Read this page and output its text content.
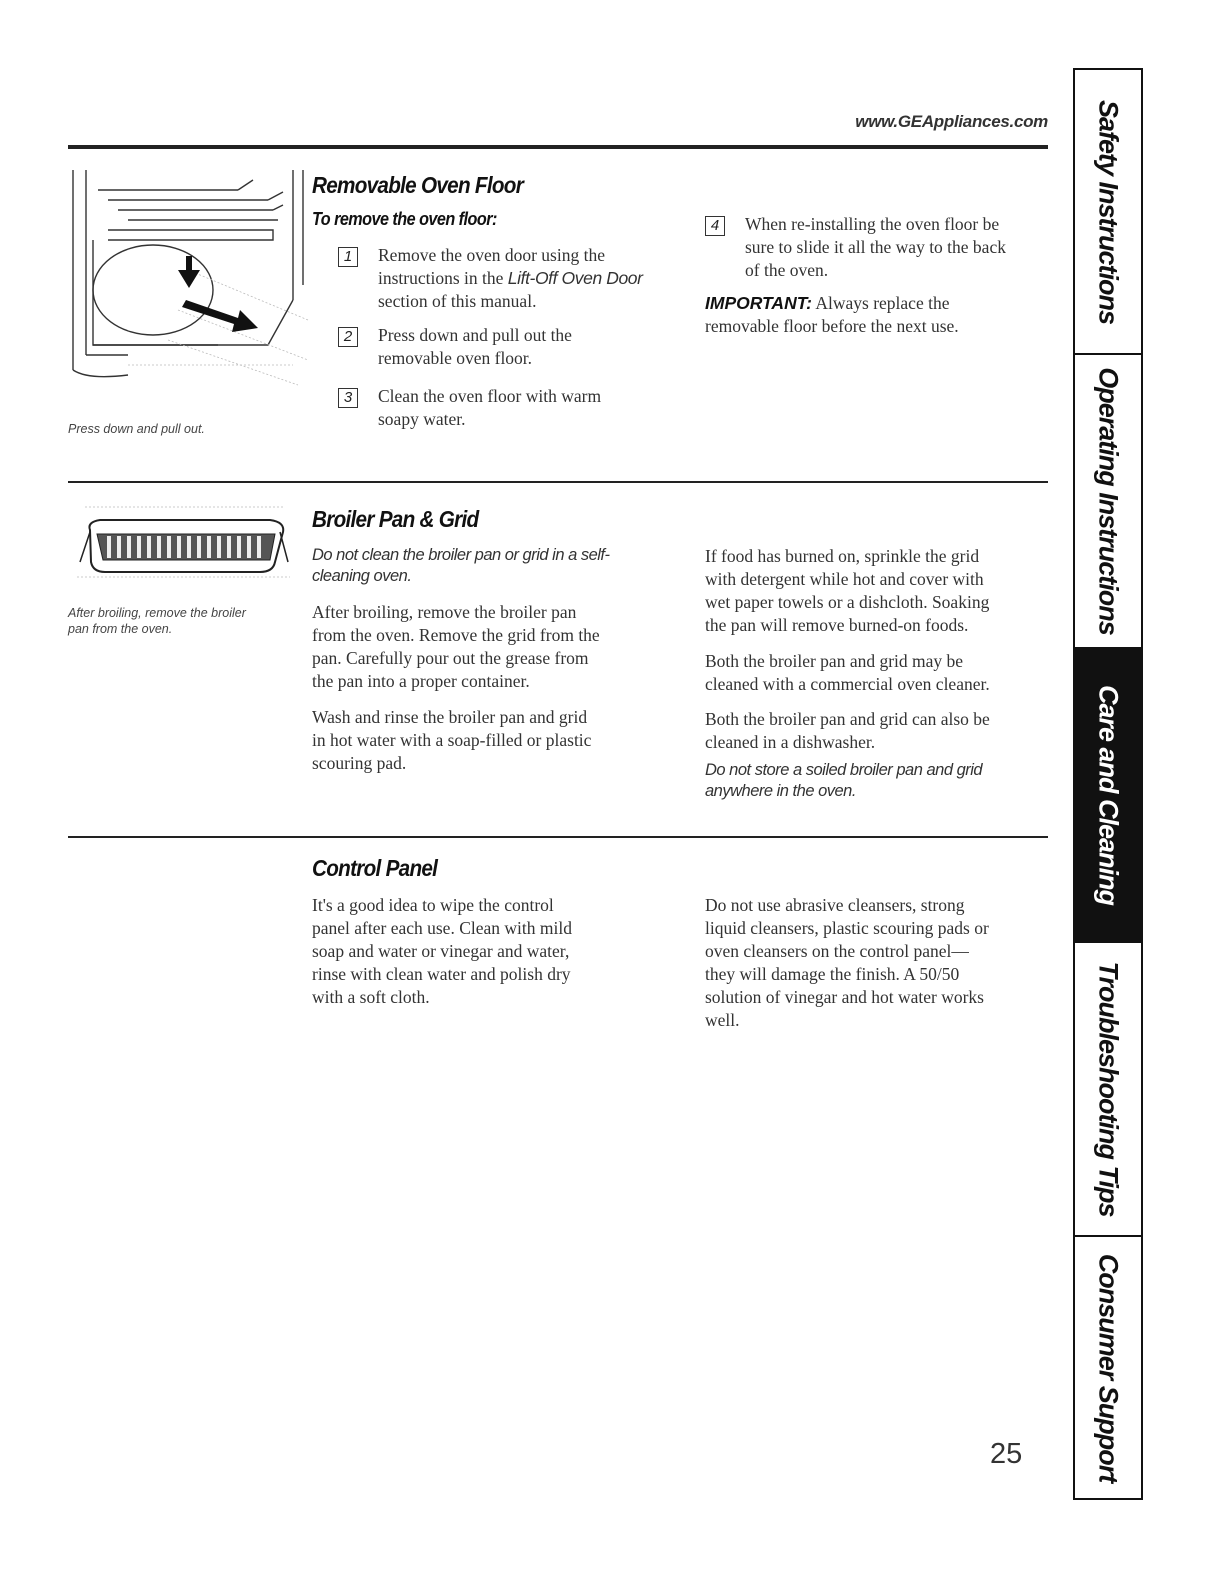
www.GEAppliances.com
Press down and pull out.
Removable Oven Floor
To remove the oven floor:
1	Remove the oven door using the
instructions in the Lift-Off Oven Door
section of this manual.
2	Press down and pull out the
removable oven floor.
3	Clean the oven floor with warm
soapy water.
4	When re-installing the oven floor be
sure to slide it all the way to the back
of the oven.
IMPORTANT: Always replace the
removable floor before the next use.
After broiling, remove the broiler
pan from the oven.
Broiler Pan & Grid
Do not clean the broiler pan or grid in a self-
cleaning oven.
After broiling, remove the broiler pan
from the oven. Remove the grid from the
pan. Carefully pour out the grease from
the pan into a proper container.
Wash and rinse the broiler pan and grid
in hot water with a soap-filled or plastic
scouring pad.
If food has burned on, sprinkle the grid
with detergent while hot and cover with
wet paper towels or a dishcloth. Soaking
the pan will remove burned-on foods.
Both the broiler pan and grid may be
cleaned with a commercial oven cleaner.
Both the broiler pan and grid can also be
cleaned in a dishwasher.
Do not store a soiled broiler pan and grid
anywhere in the oven.
Control Panel
It's a good idea to wipe the control
panel after each use. Clean with mild
soap and water or vinegar and water,
rinse with clean water and polish dry
with a soft cloth.
Do not use abrasive cleansers, strong
liquid cleansers, plastic scouring pads or
oven cleansers on the control panel—
they will damage the finish. A 50/50
solution of vinegar and hot water works
well.
Safety Instructions
Operating Instructions
Care and Cleaning
Troubleshooting Tips
Consumer Support
25
